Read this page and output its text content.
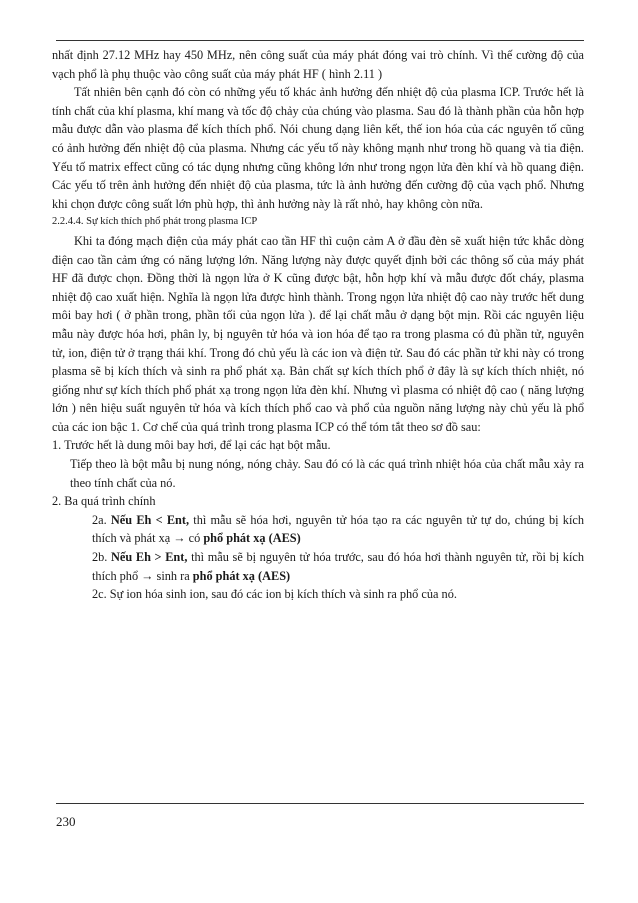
nhất định 27.12 MHz hay 450 MHz, nên công suất của máy phát đóng vai trò chính. Vì thế cường độ của vạch phổ là phụ thuộc vào công suất của máy phát HF ( hình 2.11 )

Tất nhiên bên cạnh đó còn có những yếu tố khác ảnh hưởng đến nhiệt độ của plasma ICP. Trước hết là tính chất của khí plasma, khí mang và tốc độ chảy của chúng vào plasma. Sau đó là thành phần của hỗn hợp mẫu được dẫn vào plasma để kích thích phổ. Nói chung dạng liên kết, thế ion hóa của các nguyên tố cũng có ảnh hưởng đến nhiệt độ của plasma. Nhưng các yếu tố này không mạnh như trong hồ quang và tia điện. Yếu tố matrix effect cũng có tác dụng nhưng cũng không lớn như trong ngọn lửa đèn khí và hồ quang điện. Các yếu tố trên ảnh hưởng đến nhiệt độ của plasma, tức là ảnh hưởng đến cường độ của vạch phổ. Nhưng khi chọn được công suất lớn phù hợp, thì ảnh hưởng này là rất nhỏ, hay không còn nữa.

2.2.4.4. Sự kích thích phổ phát trong plasma ICP

Khi ta đóng mạch điện của máy phát cao tần HF thì cuộn cảm A ở đầu đèn sẽ xuất hiện tức khắc dòng điện cao tần cảm ứng có năng lượng lớn. Năng lượng này được quyết định bởi các thông số của máy phát HF đã được chọn. Đồng thời là ngọn lửa ở K cũng được bật, hỗn hợp khí và mẫu được đốt cháy, plasma nhiệt độ cao xuất hiện. Nghĩa là ngọn lửa được hình thành. Trong ngọn lửa nhiệt độ cao này trước hết dung môi bay hơi ( ở phần trong, phần tối của ngọn lửa ). để lại chất mẫu ở dạng bột mịn. Rồi các nguyên liệu mẫu này được hóa hơi, phân ly, bị nguyên tử hóa và ion hóa để tạo ra trong plasma có đủ phần tử, nguyên tử, ion, điện tử ở trạng thái khí. Trong đó chủ yếu là các ion và điện tử. Sau đó các phần tử khi này có trong plasma sẽ bị kích thích và sinh ra phổ phát xạ. Bản chất sự kích thích phổ ở đây là sự kích thích nhiệt, nó giống như sự kích thích phổ phát xạ trong ngọn lửa đèn khí. Nhưng vì plasma có nhiệt độ cao ( năng lượng lớn ) nên hiệu suất nguyên tử hóa và kích thích phổ cao và phổ của nguồn năng lượng này chủ yếu là phổ của các ion bậc 1. Cơ chế của quá trình trong plasma ICP có thể tóm tắt theo sơ đồ sau:

1. Trước hết là dung môi bay hơi, để lại các hạt bột mẫu.

Tiếp theo là bột mẫu bị nung nóng, nóng chảy. Sau đó có là các quá trình nhiệt hóa của chất mẫu xảy ra theo tính chất của nó.

2. Ba quá trình chính

2a. Nếu Eh < Ent, thì mẫu sẽ hóa hơi, nguyên tử hóa tạo ra các nguyên tử tự do, chúng bị kích thích và phát xạ → có phổ phát xạ (AES)

2b. Nếu Eh > Ent, thì mẫu sẽ bị nguyên tử hóa trước, sau đó hóa hơi thành nguyên tử, rồi bị kích thích phổ → sinh ra phổ phát xạ (AES)

2c. Sự ion hóa sinh ion, sau đó các ion bị kích thích và sinh ra phổ của nó.

230
